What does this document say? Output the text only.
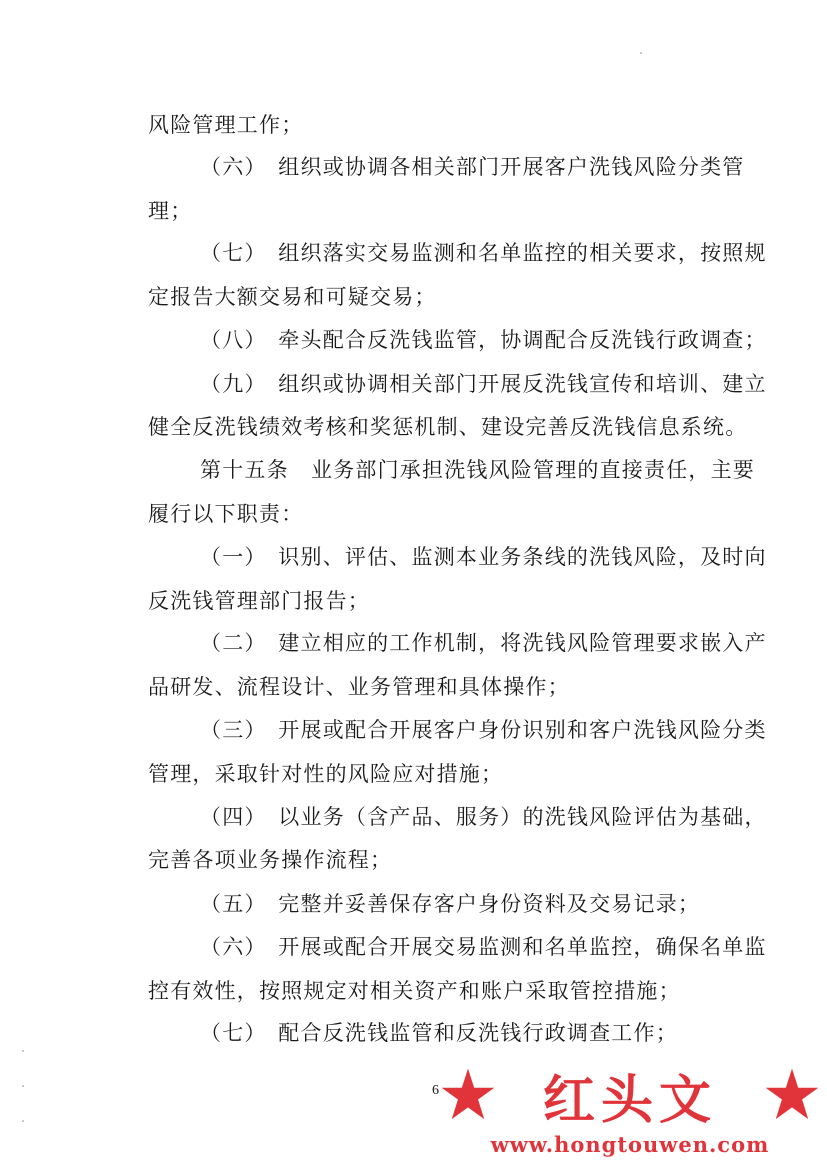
风险管理工作；
（六）　组织或协调各相关部门开展客户洗钱风险分类管
理；
（七）　组织落实交易监测和名单监控的相关要求，按照规
定报告大额交易和可疑交易；
（八）　牵头配合反洗钱监管，协调配合反洗钱行政调查；
（九）　组织或协调相关部门开展反洗钱宣传和培训、建立
健全反洗钱绩效考核和奖惩机制、建设完善反洗钱信息系统。
第十五条　业务部门承担洗钱风险管理的直接责任，主要
履行以下职责：
（一）　识别、评估、监测本业务条线的洗钱风险，及时向
反洗钱管理部门报告；
（二）　建立相应的工作机制，将洗钱风险管理要求嵌入产
品研发、流程设计、业务管理和具体操作；
（三）　开展或配合开展客户身份识别和客户洗钱风险分类
管理，采取针对性的风险应对措施；
（四）　以业务（含产品、服务）的洗钱风险评估为基础，
完善各项业务操作流程；
（五）　完整并妥善保存客户身份资料及交易记录；
（六）　开展或配合开展交易监测和名单监控，确保名单监
控有效性，按照规定对相关资产和账户采取管控措施；
（七）　配合反洗钱监管和反洗钱行政调查工作；
6 红头文
www.hongtouwen.com
